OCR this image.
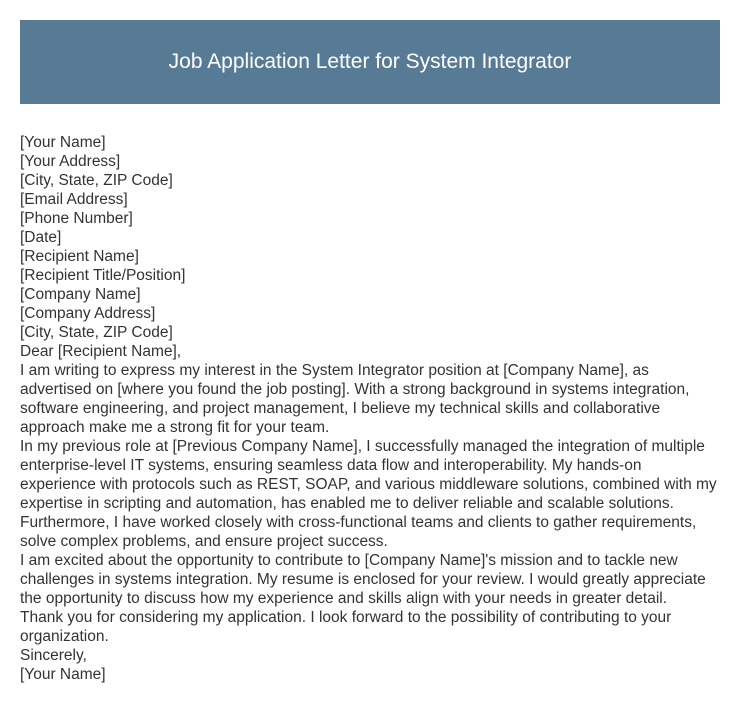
Job Application Letter for System Integrator
[Your Name]
[Your Address]
[City, State, ZIP Code]
[Email Address]
[Phone Number]
[Date]
[Recipient Name]
[Recipient Title/Position]
[Company Name]
[Company Address]
[City, State, ZIP Code]
Dear [Recipient Name],

I am writing to express my interest in the System Integrator position at [Company Name], as advertised on [where you found the job posting]. With a strong background in systems integration, software engineering, and project management, I believe my technical skills and collaborative approach make me a strong fit for your team.

In my previous role at [Previous Company Name], I successfully managed the integration of multiple enterprise-level IT systems, ensuring seamless data flow and interoperability. My hands-on experience with protocols such as REST, SOAP, and various middleware solutions, combined with my expertise in scripting and automation, has enabled me to deliver reliable and scalable solutions. Furthermore, I have worked closely with cross-functional teams and clients to gather requirements, solve complex problems, and ensure project success.

I am excited about the opportunity to contribute to [Company Name]'s mission and to tackle new challenges in systems integration. My resume is enclosed for your review. I would greatly appreciate the opportunity to discuss how my experience and skills align with your needs in greater detail.

Thank you for considering my application. I look forward to the possibility of contributing to your organization.

Sincerely,
[Your Name]
